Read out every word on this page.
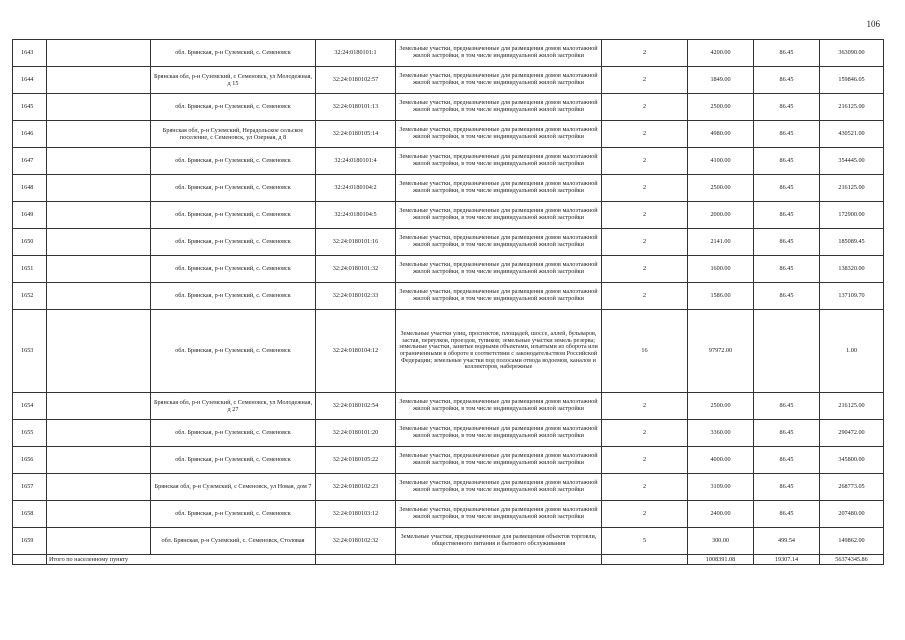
106
1643		обл. Брянская, р-н Суземский, с. Семеновск	32:24:0180101:1	Земельные участки, предназначенные для размещения домов малоэтажной жилой застройки, в том числе индивидуальной жилой застройки	2	4200.00	86.45	363090.00
1644		Брянская обл, р-н Суземский, с Семеновск, ул Молодежная, д 15	32:24:0180102:57	Земельные участки, предназначенные для размещения домов малоэтажной жилой застройки, в том числе индивидуальной жилой застройки	2	1849.00	86.45	159846.05
1645		обл. Брянская, р-н Суземский, с. Семеновск	32:24:0180101:13	Земельные участки, предназначенные для размещения домов малоэтажной жилой застройки, в том числе индивидуальной жилой застройки	2	2500.00	86.45	216125.00
1646		Брянская обл, р-н Суземский, Нерадольское сельское поселение, с Семеновск, ул Озерная, д 8	32:24:0180105:14	Земельные участки, предназначенные для размещения домов малоэтажной жилой застройки, в том числе индивидуальной жилой застройки	2	4980.00	86.45	430521.00
1647		обл. Брянская, р-н Суземский, с. Семеновск	32:24:0180101:4	Земельные участки, предназначенные для размещения домов малоэтажной жилой застройки, в том числе индивидуальной жилой застройки	2	4100.00	86.45	354445.00
1648		обл. Брянская, р-н Суземский, с. Семеновск	32:24:0180104:2	Земельные участки, предназначенные для размещения домов малоэтажной жилой застройки, в том числе индивидуальной жилой застройки	2	2500.00	86.45	216125.00
1649		обл. Брянская, р-н Суземский, с. Семеновск	32:24:0180104:5	Земельные участки, предназначенные для размещения домов малоэтажной жилой застройки, в том числе индивидуальной жилой застройки	2	2000.00	86.45	172900.00
1650		обл. Брянская, р-н Суземский, с. Семеновск	32:24:0180101:16	Земельные участки, предназначенные для размещения домов малоэтажной жилой застройки, в том числе индивидуальной жилой застройки	2	2141.00	86.45	185089.45
1651		обл. Брянская, р-н Суземский, с. Семеновск	32:24:0180101:32	Земельные участки, предназначенные для размещения домов малоэтажной жилой застройки, в том числе индивидуальной жилой застройки	2	1600.00	86.45	138320.00
1652		обл. Брянская, р-н Суземский, с. Семеновск	32:24:0180102:33	Земельные участки, предназначенные для размещения домов малоэтажной жилой застройки, в том числе индивидуальной жилой застройки	2	1586.00	86.45	137109.70
1653		обл. Брянская, р-н Суземский, с. Семеновск	32:24:0180104:12	Земельные участки улиц, проспектов, площадей, шоссе, аллей, бульваров, застав, переулков, проездов, тупиков; земельные участки земель резерва; земельные участки, занятые водными объектами, изъятыми из оборота или ограниченными в обороте в соответствии с законодательством Российской Федерации; земельные участки под полосами отвода водоемов, каналов и коллекторов, набережные	16	97972.00		1.00
1654		Брянская обл, р-н Суземский, с Семеновск, ул Молодежная, д 27	32:24:0180102:54	Земельные участки, предназначенные для размещения домов малоэтажной жилой застройки, в том числе индивидуальной жилой застройки	2	2500.00	86.45	216125.00
1655		обл. Брянская, р-н Суземский, с. Семеновск	32:24:0180101:20	Земельные участки, предназначенные для размещения домов малоэтажной жилой застройки, в том числе индивидуальной жилой застройки	2	3360.00	86.45	290472.00
1656		обл. Брянская, р-н Суземский, с. Семеновск	32:24:0180105:22	Земельные участки, предназначенные для размещения домов малоэтажной жилой застройки, в том числе индивидуальной жилой застройки	2	4000.00	86.45	345800.00
1657		Брянская обл, р-н Суземский, с Семеновск, ул Новая, дом 7	32:24:0180102:23	Земельные участки, предназначенные для размещения домов малоэтажной жилой застройки, в том числе индивидуальной жилой застройки	2	3109.00	86.45	268773.05
1658		обл. Брянская, р-н Суземский, с. Семеновск	32:24:0180103:12	Земельные участки, предназначенные для размещения домов малоэтажной жилой застройки, в том числе индивидуальной жилой застройки	2	2400.00	86.45	207480.00
1659		обл. Брянская, р-н Суземский, с. Семеновск, Столовая	32:24:0180102:32	Земельные участки, предназначенные для размещения объектов торговли, общественного питания и бытового обслуживания	5	300.00	499.54	149862.00
	Итого по населенному пункту					1008391.08	19307.14	56374345.86
